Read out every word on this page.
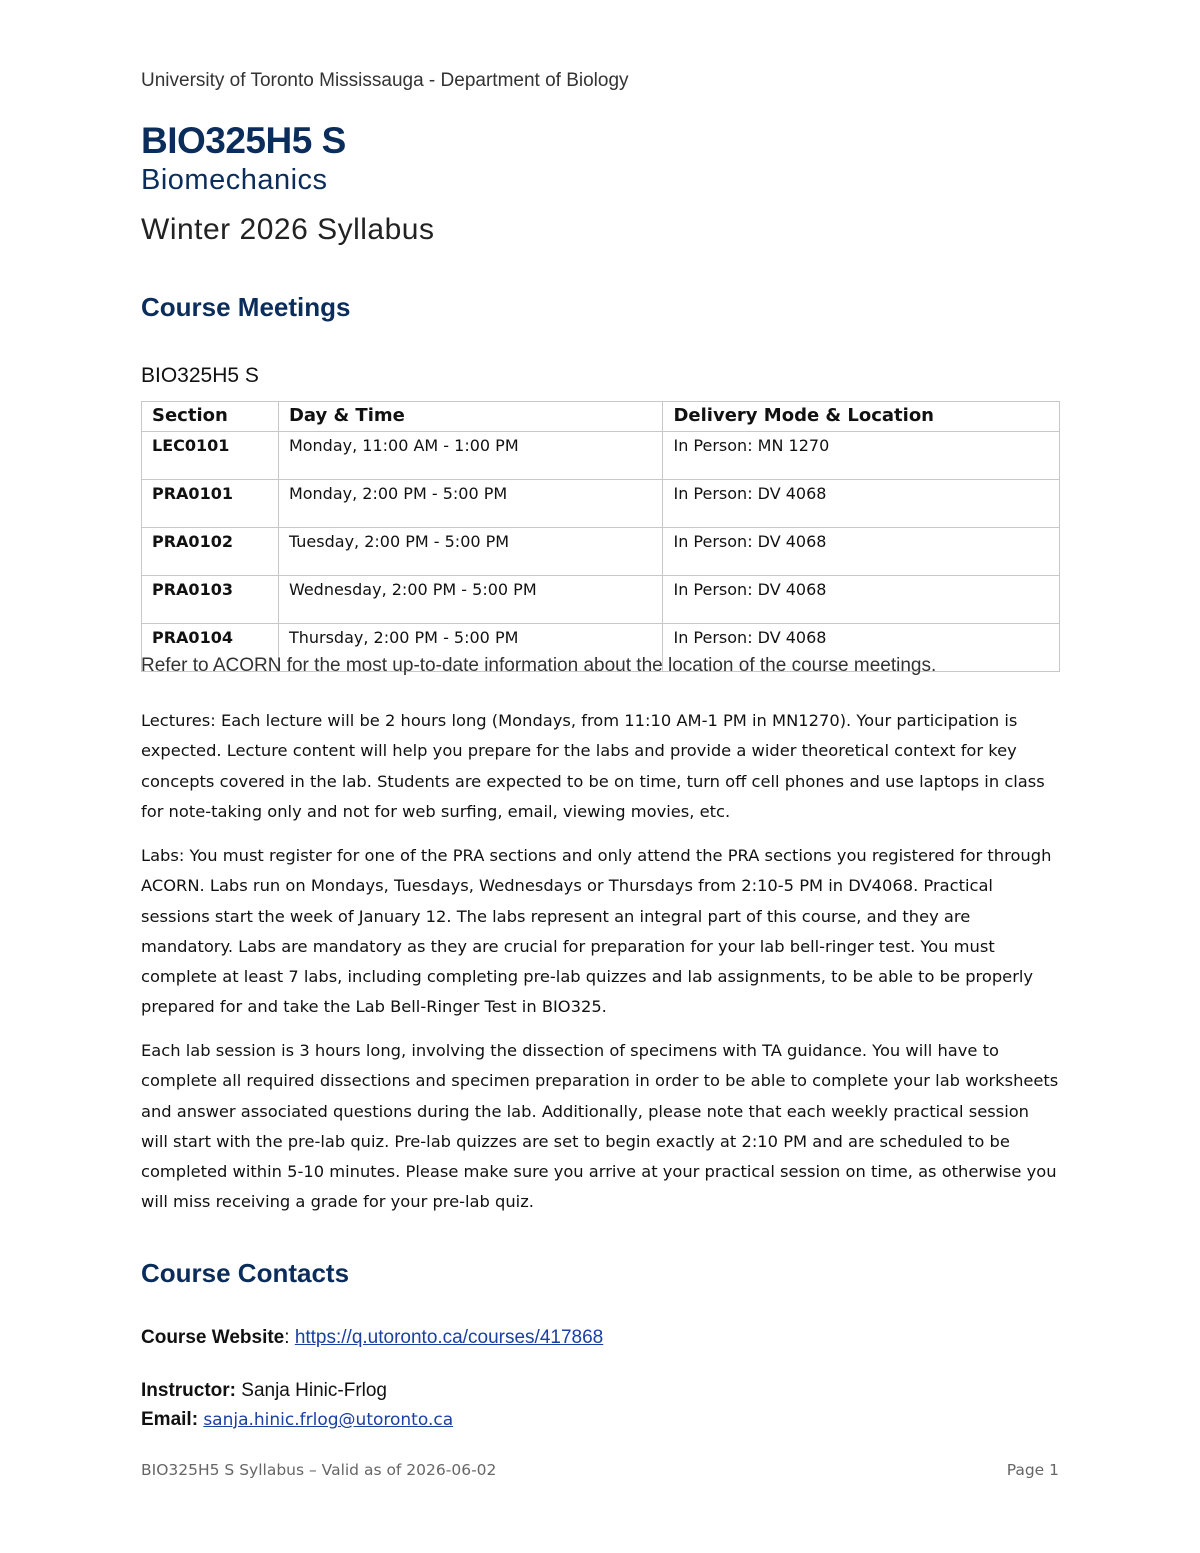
University of Toronto Mississauga - Department of Biology
BIO325H5 S
Biomechanics
Winter 2026 Syllabus
Course Meetings
BIO325H5 S
Section	Day & Time	Delivery Mode & Location
LEC0101	Monday, 11:00 AM - 1:00 PM	In Person: MN 1270
PRA0101	Monday, 2:00 PM - 5:00 PM	In Person: DV 4068
PRA0102	Tuesday, 2:00 PM - 5:00 PM	In Person: DV 4068
PRA0103	Wednesday, 2:00 PM - 5:00 PM	In Person: DV 4068
PRA0104	Thursday, 2:00 PM - 5:00 PM	In Person: DV 4068
Refer to ACORN for the most up-to-date information about the location of the course meetings.
Lectures: Each lecture will be 2 hours long (Mondays, from 11:10 AM-1 PM in MN1270). Your participation is expected. Lecture content will help you prepare for the labs and provide a wider theoretical context for key concepts covered in the lab. Students are expected to be on time, turn off cell phones and use laptops in class for note-taking only and not for web surfing, email, viewing movies, etc.
Labs: You must register for one of the PRA sections and only attend the PRA sections you registered for through ACORN. Labs run on Mondays, Tuesdays, Wednesdays or Thursdays from 2:10-5 PM in DV4068. Practical sessions start the week of January 12. The labs represent an integral part of this course, and they are mandatory. Labs are mandatory as they are crucial for preparation for your lab bell-ringer test. You must complete at least 7 labs, including completing pre-lab quizzes and lab assignments, to be able to be properly prepared for and take the Lab Bell-Ringer Test in BIO325.
Each lab session is 3 hours long, involving the dissection of specimens with TA guidance. You will have to complete all required dissections and specimen preparation in order to be able to complete your lab worksheets and answer associated questions during the lab. Additionally, please note that each weekly practical session will start with the pre-lab quiz. Pre-lab quizzes are set to begin exactly at 2:10 PM and are scheduled to be completed within 5-10 minutes. Please make sure you arrive at your practical session on time, as otherwise you will miss receiving a grade for your pre-lab quiz.
Course Contacts
Course Website: https://q.utoronto.ca/courses/417868
Instructor: Sanja Hinic-Frlog
Email: sanja.hinic.frlog@utoronto.ca
BIO325H5 S Syllabus – Valid as of 2026-06-02	Page 1
